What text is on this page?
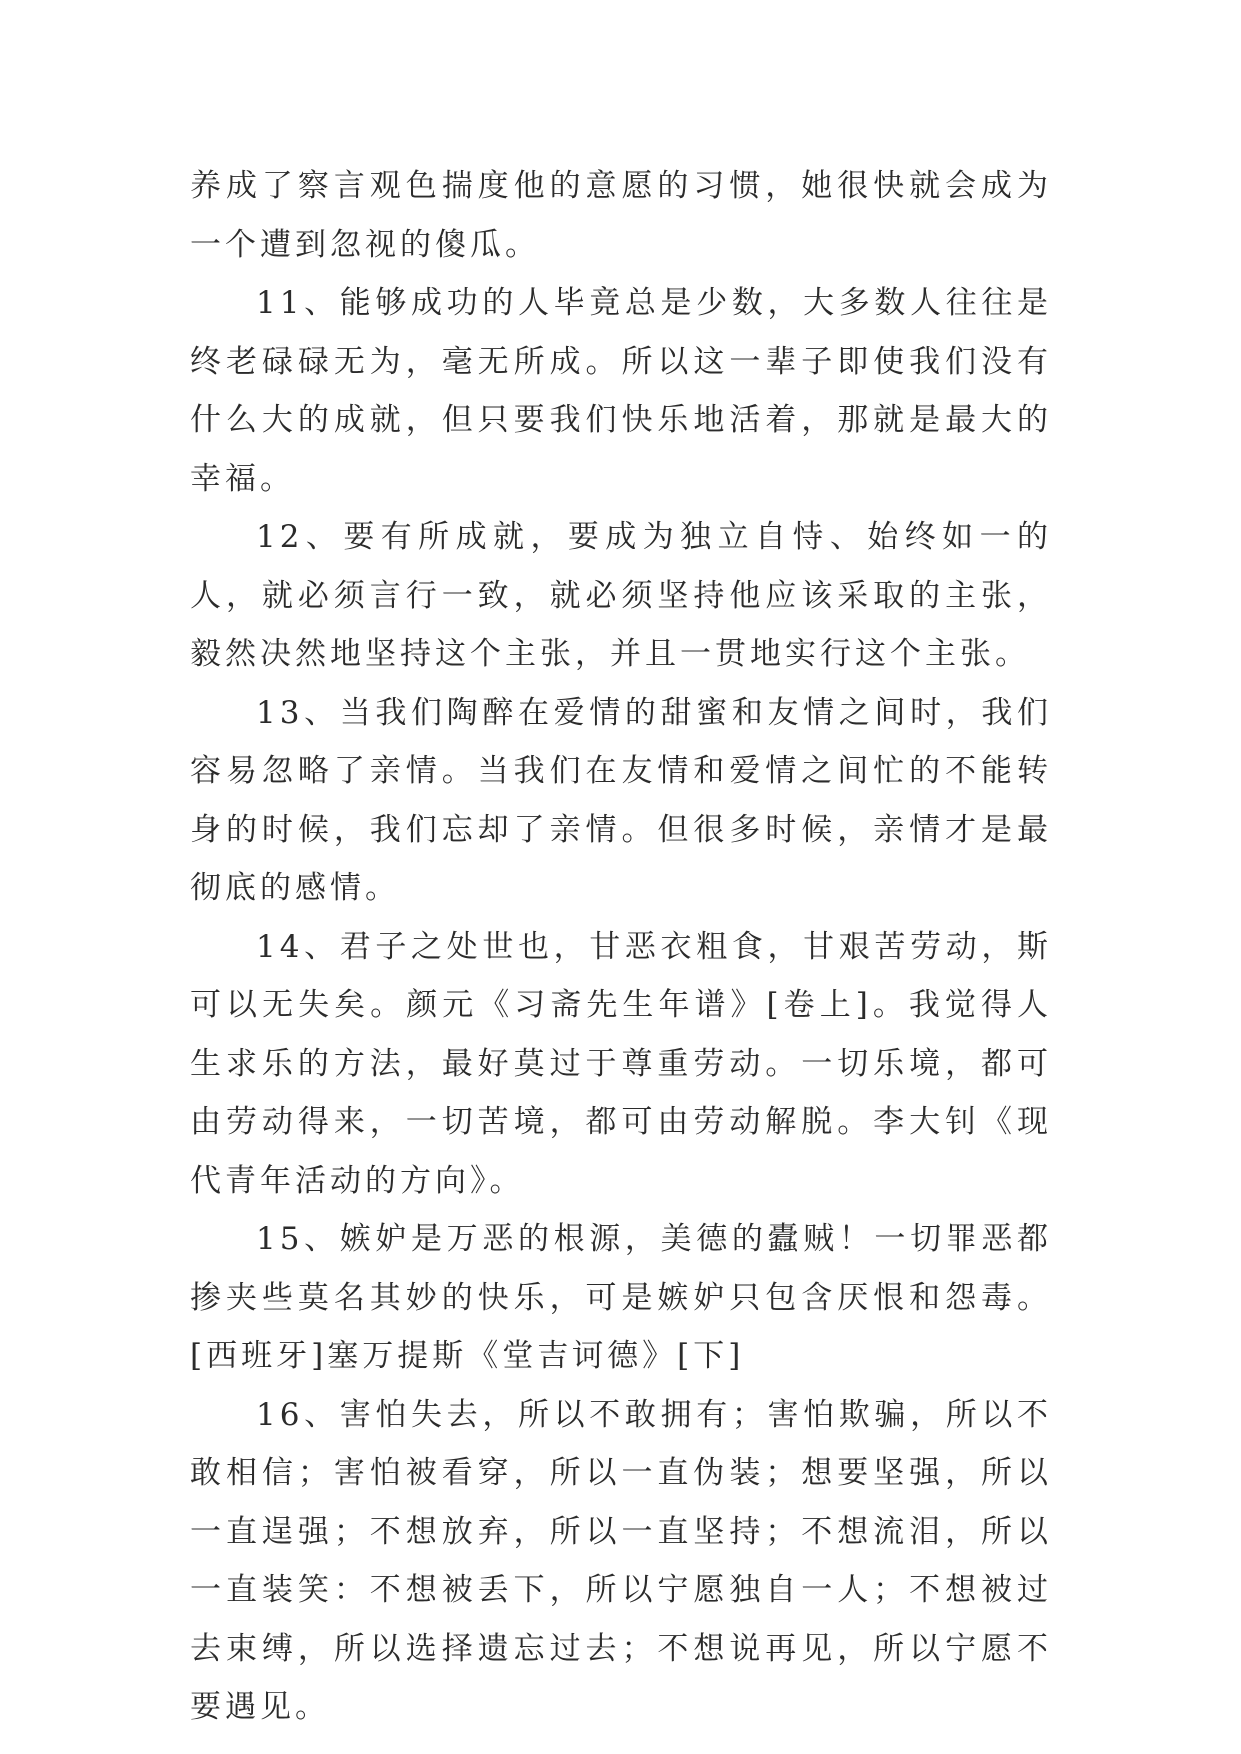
养成了察言观色揣度他的意愿的习惯，她很快就会成为一个遭到忽视的傻瓜。

11、能够成功的人毕竟总是少数，大多数人往往是终老碌碌无为，毫无所成。所以这一辈子即使我们没有什么大的成就，但只要我们快乐地活着，那就是最大的幸福。

12、要有所成就，要成为独立自恃、始终如一的人，就必须言行一致，就必须坚持他应该采取的主张，毅然决然地坚持这个主张，并且一贯地实行这个主张。

13、当我们陶醉在爱情的甜蜜和友情之间时，我们容易忽略了亲情。当我们在友情和爱情之间忙的不能转身的时候，我们忘却了亲情。但很多时候，亲情才是最彻底的感情。

14、君子之处世也，甘恶衣粗食，甘艰苦劳动，斯可以无失矣。颜元《习斋先生年谱》[卷上]。我觉得人生求乐的方法，最好莫过于尊重劳动。一切乐境，都可由劳动得来，一切苦境，都可由劳动解脱。李大钊《现代青年活动的方向》。

15、嫉妒是万恶的根源，美德的蠹贼！一切罪恶都掺夹些莫名其妙的快乐，可是嫉妒只包含厌恨和怨毒。[西班牙]塞万提斯《堂吉诃德》[下]

16、害怕失去，所以不敢拥有；害怕欺骗，所以不敢相信；害怕被看穿，所以一直伪装；想要坚强，所以一直逞强；不想放弃，所以一直坚持；不想流泪，所以一直装笑：不想被丢下，所以宁愿独自一人；不想被过去束缚，所以选择遗忘过去；不想说再见，所以宁愿不要遇见。
